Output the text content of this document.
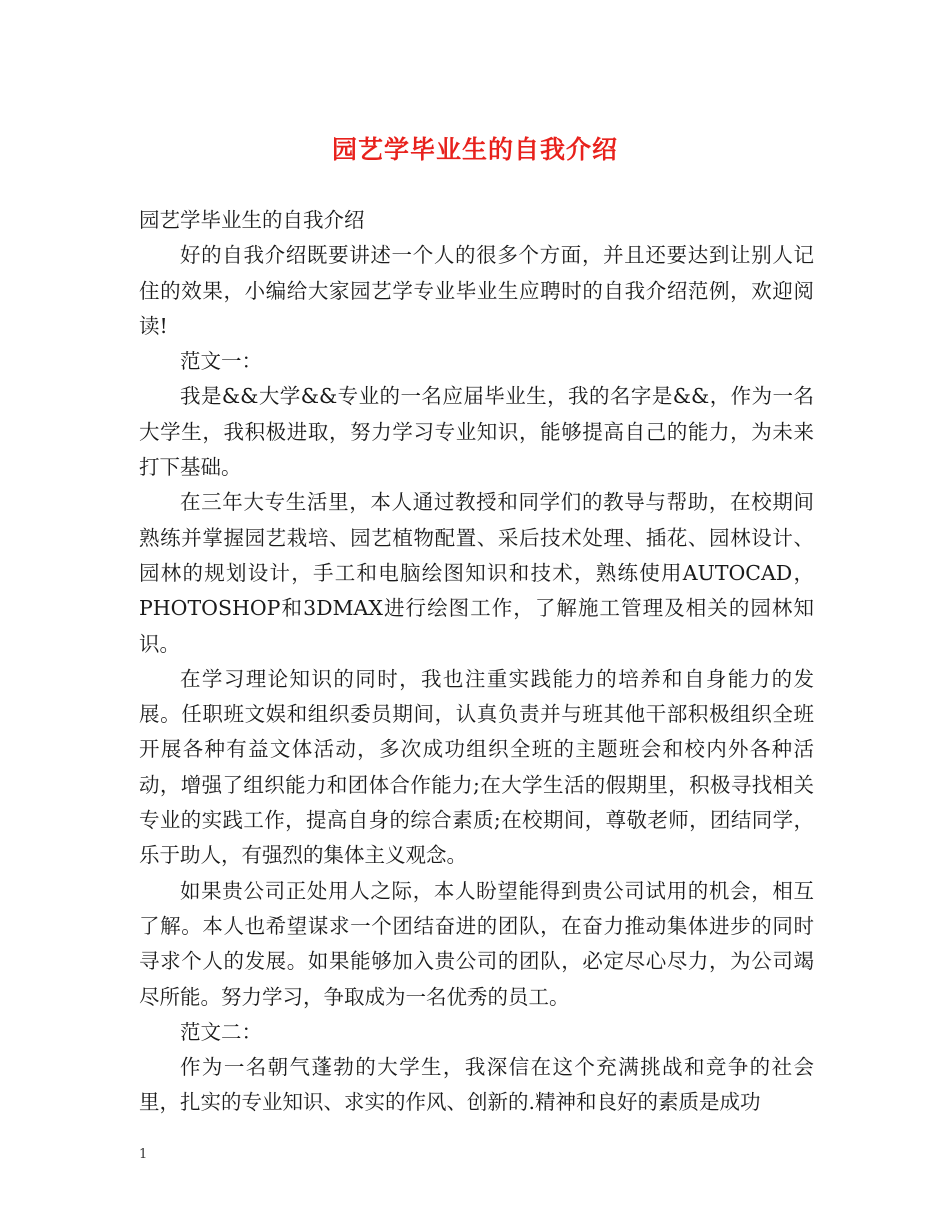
园艺学毕业生的自我介绍

园艺学毕业生的自我介绍

好的自我介绍既要讲述一个人的很多个方面，并且还要达到让别人记住的效果，小编给大家园艺学专业毕业生应聘时的自我介绍范例，欢迎阅读!

范文一：

我是&&大学&&专业的一名应届毕业生，我的名字是&&，作为一名大学生，我积极进取，努力学习专业知识，能够提高自己的能力，为未来打下基础。

在三年大专生活里，本人通过教授和同学们的教导与帮助，在校期间熟练并掌握园艺栽培、园艺植物配置、采后技术处理、插花、园林设计、园林的规划设计，手工和电脑绘图知识和技术，熟练使用AUTOCAD，PHOTOSHOP和3DMAX进行绘图工作，了解施工管理及相关的园林知识。

在学习理论知识的同时，我也注重实践能力的培养和自身能力的发展。任职班文娱和组织委员期间，认真负责并与班其他干部积极组织全班开展各种有益文体活动，多次成功组织全班的主题班会和校内外各种活动，增强了组织能力和团体合作能力;在大学生活的假期里，积极寻找相关专业的实践工作，提高自身的综合素质;在校期间，尊敬老师，团结同学，乐于助人，有强烈的集体主义观念。

如果贵公司正处用人之际，本人盼望能得到贵公司试用的机会，相互了解。本人也希望谋求一个团结奋进的团队，在奋力推动集体进步的同时寻求个人的发展。如果能够加入贵公司的团队，必定尽心尽力，为公司竭尽所能。努力学习，争取成为一名优秀的员工。

范文二：

作为一名朝气蓬勃的大学生，我深信在这个充满挑战和竞争的社会里，扎实的专业知识、求实的作风、创新的.精神和良好的素质是成功

1
